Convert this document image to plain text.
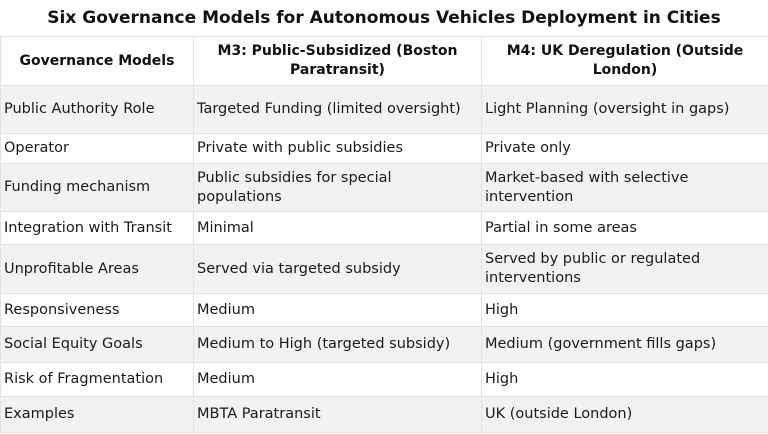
Six Governance Models for Autonomous Vehicles Deployment in Cities
Governance Models	M3: Public-Subsidized (Boston Paratransit)	M4: UK Deregulation (Outside London)
Public Authority Role	Targeted Funding (limited oversight)	Light Planning (oversight in gaps)
Operator	Private with public subsidies	Private only
Funding mechanism	Public subsidies for special populations	Market-based with selective intervention
Integration with Transit	Minimal	Partial in some areas
Unprofitable Areas	Served via targeted subsidy	Served by public or regulated interventions
Responsiveness	Medium	High
Social Equity Goals	Medium to High (targeted subsidy)	Medium (government fills gaps)
Risk of Fragmentation	Medium	High
Examples	MBTA Paratransit	UK (outside London)
